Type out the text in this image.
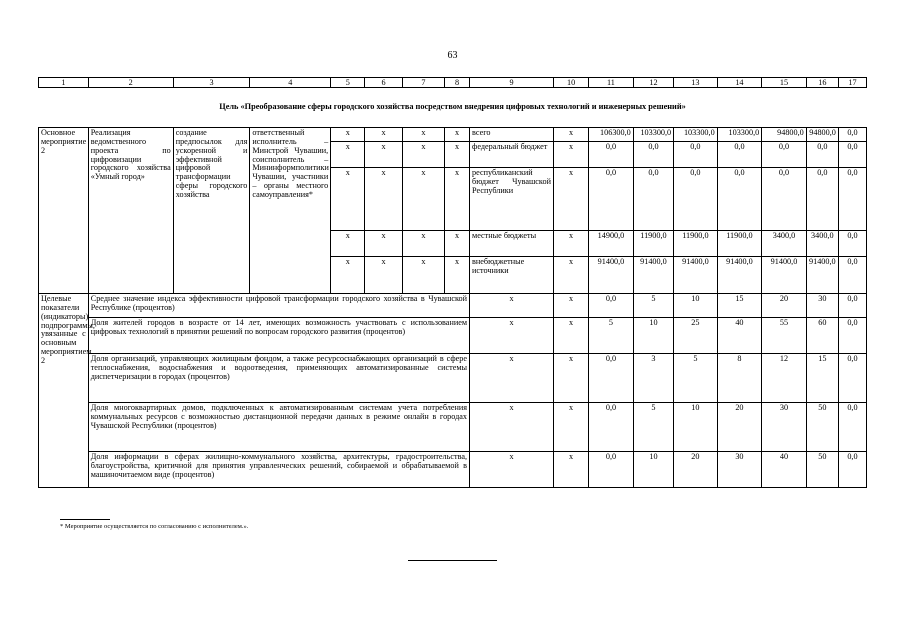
63
1	2	3	4	5	6	7	8	9	10	11	12	13	14	15	16	17
Цель «Преобразование сферы городского хозяйства посредством внедрения цифровых технологий и инженерных решений»
Основное мероприятие 2	Реализация ведомственного проекта по цифровизации городского хозяйства «Умный город»	создание предпосылок для ускоренной и эффективной цифровой трансформации сферы городского хозяйства	ответственный исполнитель – Минстрой Чувашии, соисполнитель – Мининформполитики Чувашии, участники – органы местного самоуправления*	x	x	x	x	всего	x	106300,0	103300,0	103300,0	103300,0	94800,0	94800,0	0,0
				x	x	x	x	федеральный бюджет	x	0,0	0,0	0,0	0,0	0,0	0,0	0,0
				x	x	x	x	республиканский бюджет Чувашской Республики	x	0,0	0,0	0,0	0,0	0,0	0,0	0,0
				x	x	x	x	местные бюджеты	x	14900,0	11900,0	11900,0	11900,0	3400,0	3400,0	0,0
				x	x	x	x	внебюджетные источники	x	91400,0	91400,0	91400,0	91400,0	91400,0	91400,0	0,0
Целевые показатели (индикаторы) подпрограммы, увязанные с основным мероприятием 2	Среднее значение индекса эффективности цифровой трансформации городского хозяйства в Чувашской Республике (процентов)							x	x	0,0	5	10	15	20	30	0,0
	Доля жителей городов в возрасте от 14 лет, имеющих возможность участвовать с использованием цифровых технологий в принятии решений по вопросам городского развития (процентов)							x	x	5	10	25	40	55	60	0,0
	Доля организаций, управляющих жилищным фондом, а также ресурсоснабжающих организаций в сфере теплоснабжения, водоснабжения и водоотведения, применяющих автоматизированные системы диспетчеризации в городах (процентов)							x	x	0,0	3	5	8	12	15	0,0
	Доля многоквартирных домов, подключенных к автоматизированным системам учета потребления коммунальных ресурсов с возможностью дистанционной передачи данных в режиме онлайн в городах Чувашской Республики (процентов)							x	x	0,0	5	10	20	30	50	0,0
	Доля информации в сферах жилищно-коммунального хозяйства, архитектуры, градостроительства, благоустройства, критичной для принятия управленческих решений, собираемой и обрабатываемой в машиночитаемом виде (процентов)							x	x	0,0	10	20	30	40	50	0,0
* Мероприятие осуществляется по согласованию с исполнителем.».
